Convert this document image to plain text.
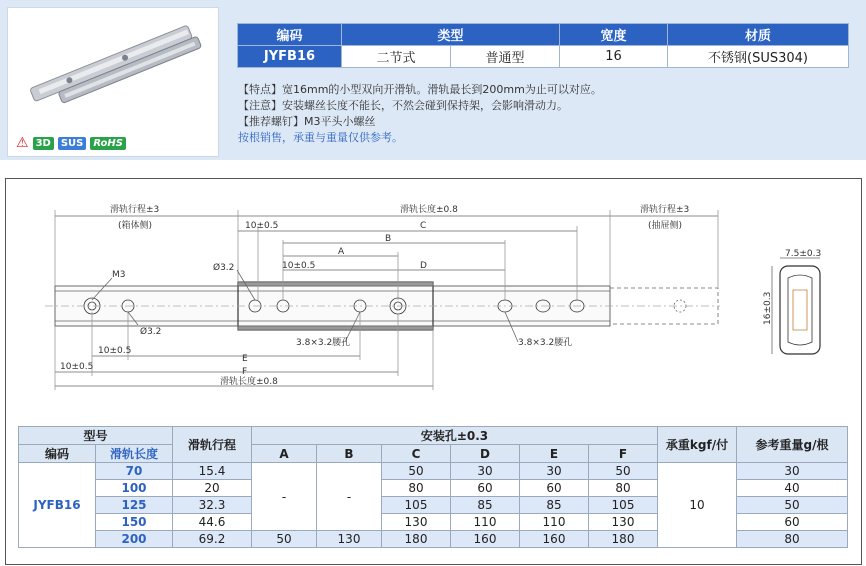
⚠ 3D	SUS	RoHS
编码	类型		宽度	材质
JYFB16	二节式	普通型	16	不锈钢(SUS304)
【特点】宽16mm的小型双向开滑轨。滑轨最长到200mm为止可以对应。
【注意】安装螺丝长度不能长，不然会碰到保持架，会影响滑动力。
【推荐螺钉】M3平头小螺丝
按根销售，承重与重量仅供参考。
滑轨行程±3
(箱体侧)
滑轨长度±0.8	滑轨行程±3
(抽屉侧)
10±0.5	C
B
A
D
10±0.5
Ø3.2
M3
Ø3.2
10±0.5
E
10±0.5	F
3.8×3.2腰孔	3.8×3.2腰孔
滑轨长度±0.8
7.5±0.3
16±0.3
型号		滑轨行程	安装孔±0.3						承重kgf/付	参考重量g/根
编码	滑轨长度		A	B	C	D	E	F		
JYFB16	70	15.4	-	-	50	30	30	50	10	30
	100	20			80	60	60	80		40
	125	32.3			105	85	85	105		50
	150	44.6			130	110	110	130		60
	200	69.2	50	130	180	160	160	180		80
